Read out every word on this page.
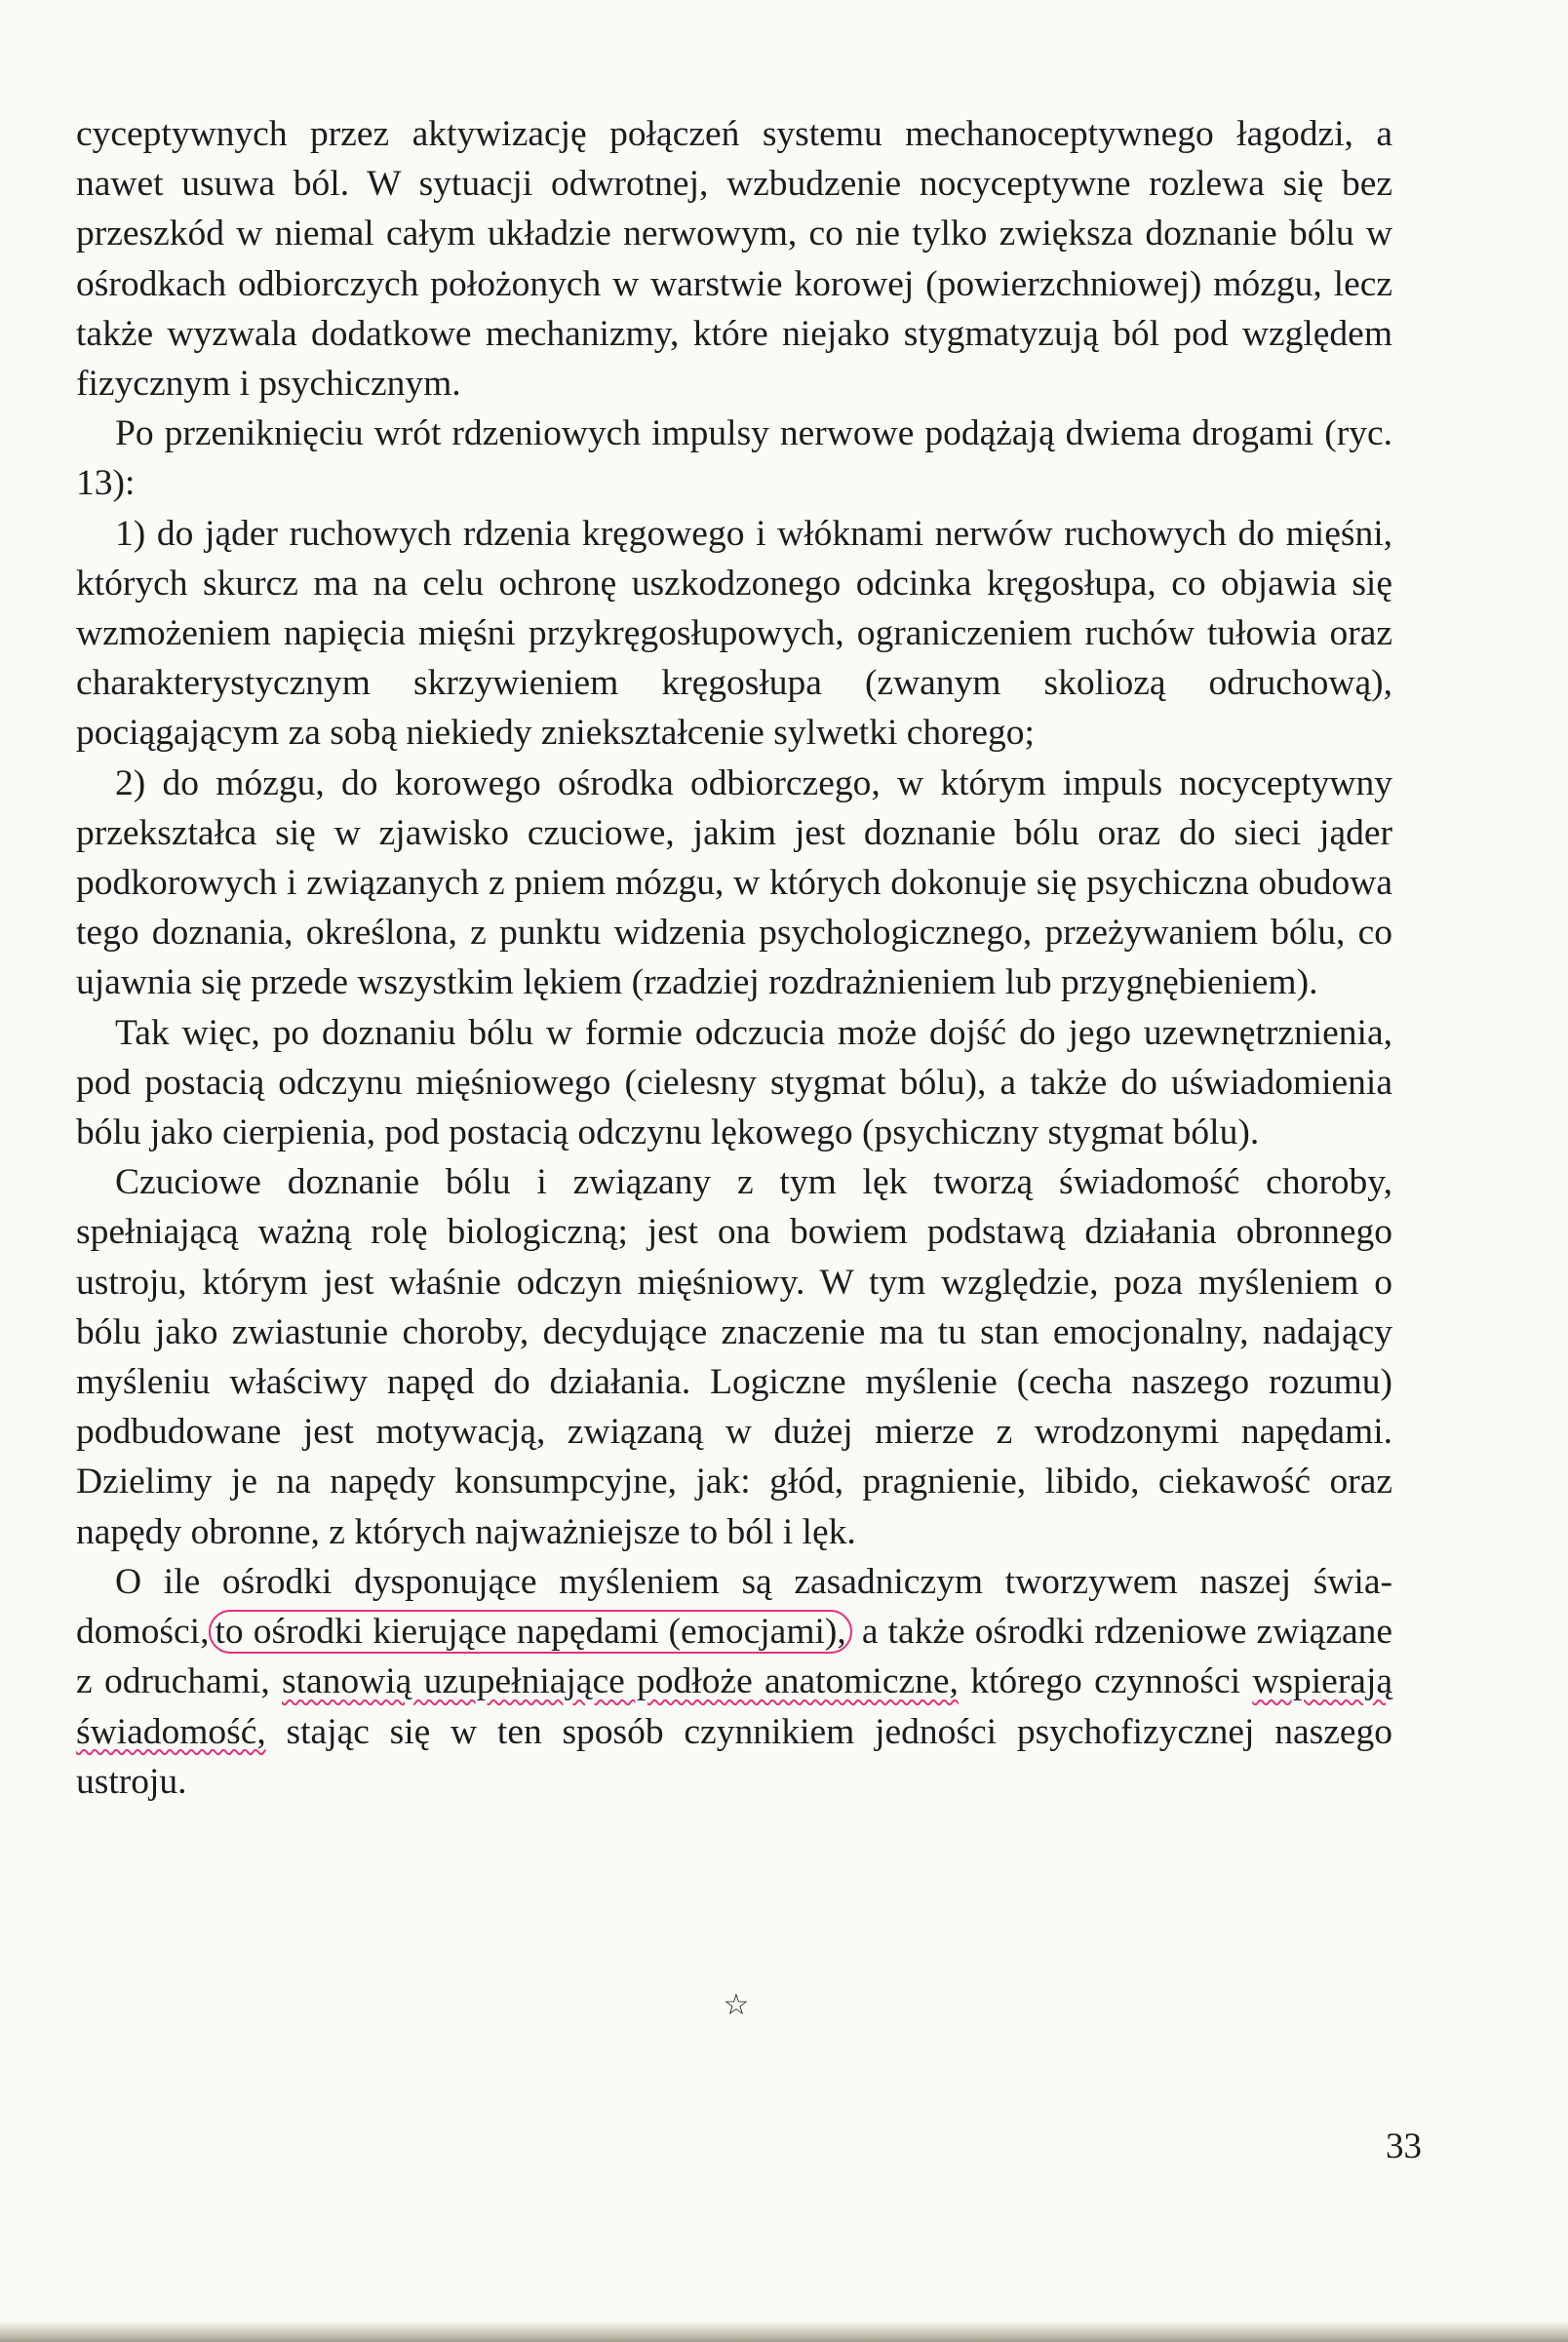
cyceptywnych przez aktywizację połączeń systemu mechanoceptywnego łagodzi, a nawet usuwa ból. W sytuacji odwrotnej, wzbudzenie nocyceptywne rozlewa się bez przeszkód w niemal całym układzie nerwowym, co nie tylko zwiększa doznanie bólu w ośrodkach odbiorczych położonych w warstwie korowej (powierzchniowej) mózgu, lecz także wyzwala dodatkowe mechanizmy, które niejako stygmatyzują ból pod względem fizycznym i psychicznym.

Po przeniknięciu wrót rdzeniowych impulsy nerwowe podążają dwiema drogami (ryc. 13):

1) do jąder ruchowych rdzenia kręgowego i włóknami nerwów ruchowych do mięśni, których skurcz ma na celu ochronę uszkodzonego odcinka kręgosłupa, co objawia się wzmożeniem napięcia mięśni przykręgosłupowych, ograniczeniem ruchów tułowia oraz charakterystycznym skrzywieniem kręgosłupa (zwanym skoliozą odruchową), pociągającym za sobą niekiedy zniekształcenie sylwetki chorego;

2) do mózgu, do korowego ośrodka odbiorczego, w którym impuls nocyceptywny przekształca się w zjawisko czuciowe, jakim jest doznanie bólu oraz do sieci jąder podkorowych i związanych z pniem mózgu, w których dokonuje się psychiczna obudowa tego doznania, określona, z punktu widzenia psychologicznego, przeżywaniem bólu, co ujawnia się przede wszystkim lękiem (rzadziej rozdrażnieniem lub przygnębieniem).

Tak więc, po doznaniu bólu w formie odczucia może dojść do jego uzewnętrznienia, pod postacią odczynu mięśniowego (cielesny stygmat bólu), a także do uświadomienia bólu jako cierpienia, pod postacią odczynu lękowego (psychiczny stygmat bólu).

Czuciowe doznanie bólu i związany z tym lęk tworzą świadomość choroby, spełniającą ważną rolę biologiczną; jest ona bowiem podstawą działania obronnego ustroju, którym jest właśnie odczyn mięśniowy. W tym względzie, poza myśleniem o bólu jako zwiastunie choroby, decydujące znaczenie ma tu stan emocjonalny, nadający myśleniu właściwy napęd do działania. Logiczne myślenie (cecha naszego rozumu) podbudowane jest motywacją, związaną w dużej mierze z wrodzonymi napędami. Dzielimy je na napędy konsumpcyjne, jak: głód, pragnienie, libido, ciekawość oraz napędy obronne, z których najważniejsze to ból i lęk.

O ile ośrodki dysponujące myśleniem są zasadniczym tworzywem naszej świadomości, to ośrodki kierujące napędami (emocjami), a także ośrodki rdzeniowe związane z odruchami, stanowią uzupełniające podłoże anatomiczne, którego czynności wspierają świadomość, stając się w ten sposób czynnikiem jedności psychofizycznej naszego ustroju.

☆
33
